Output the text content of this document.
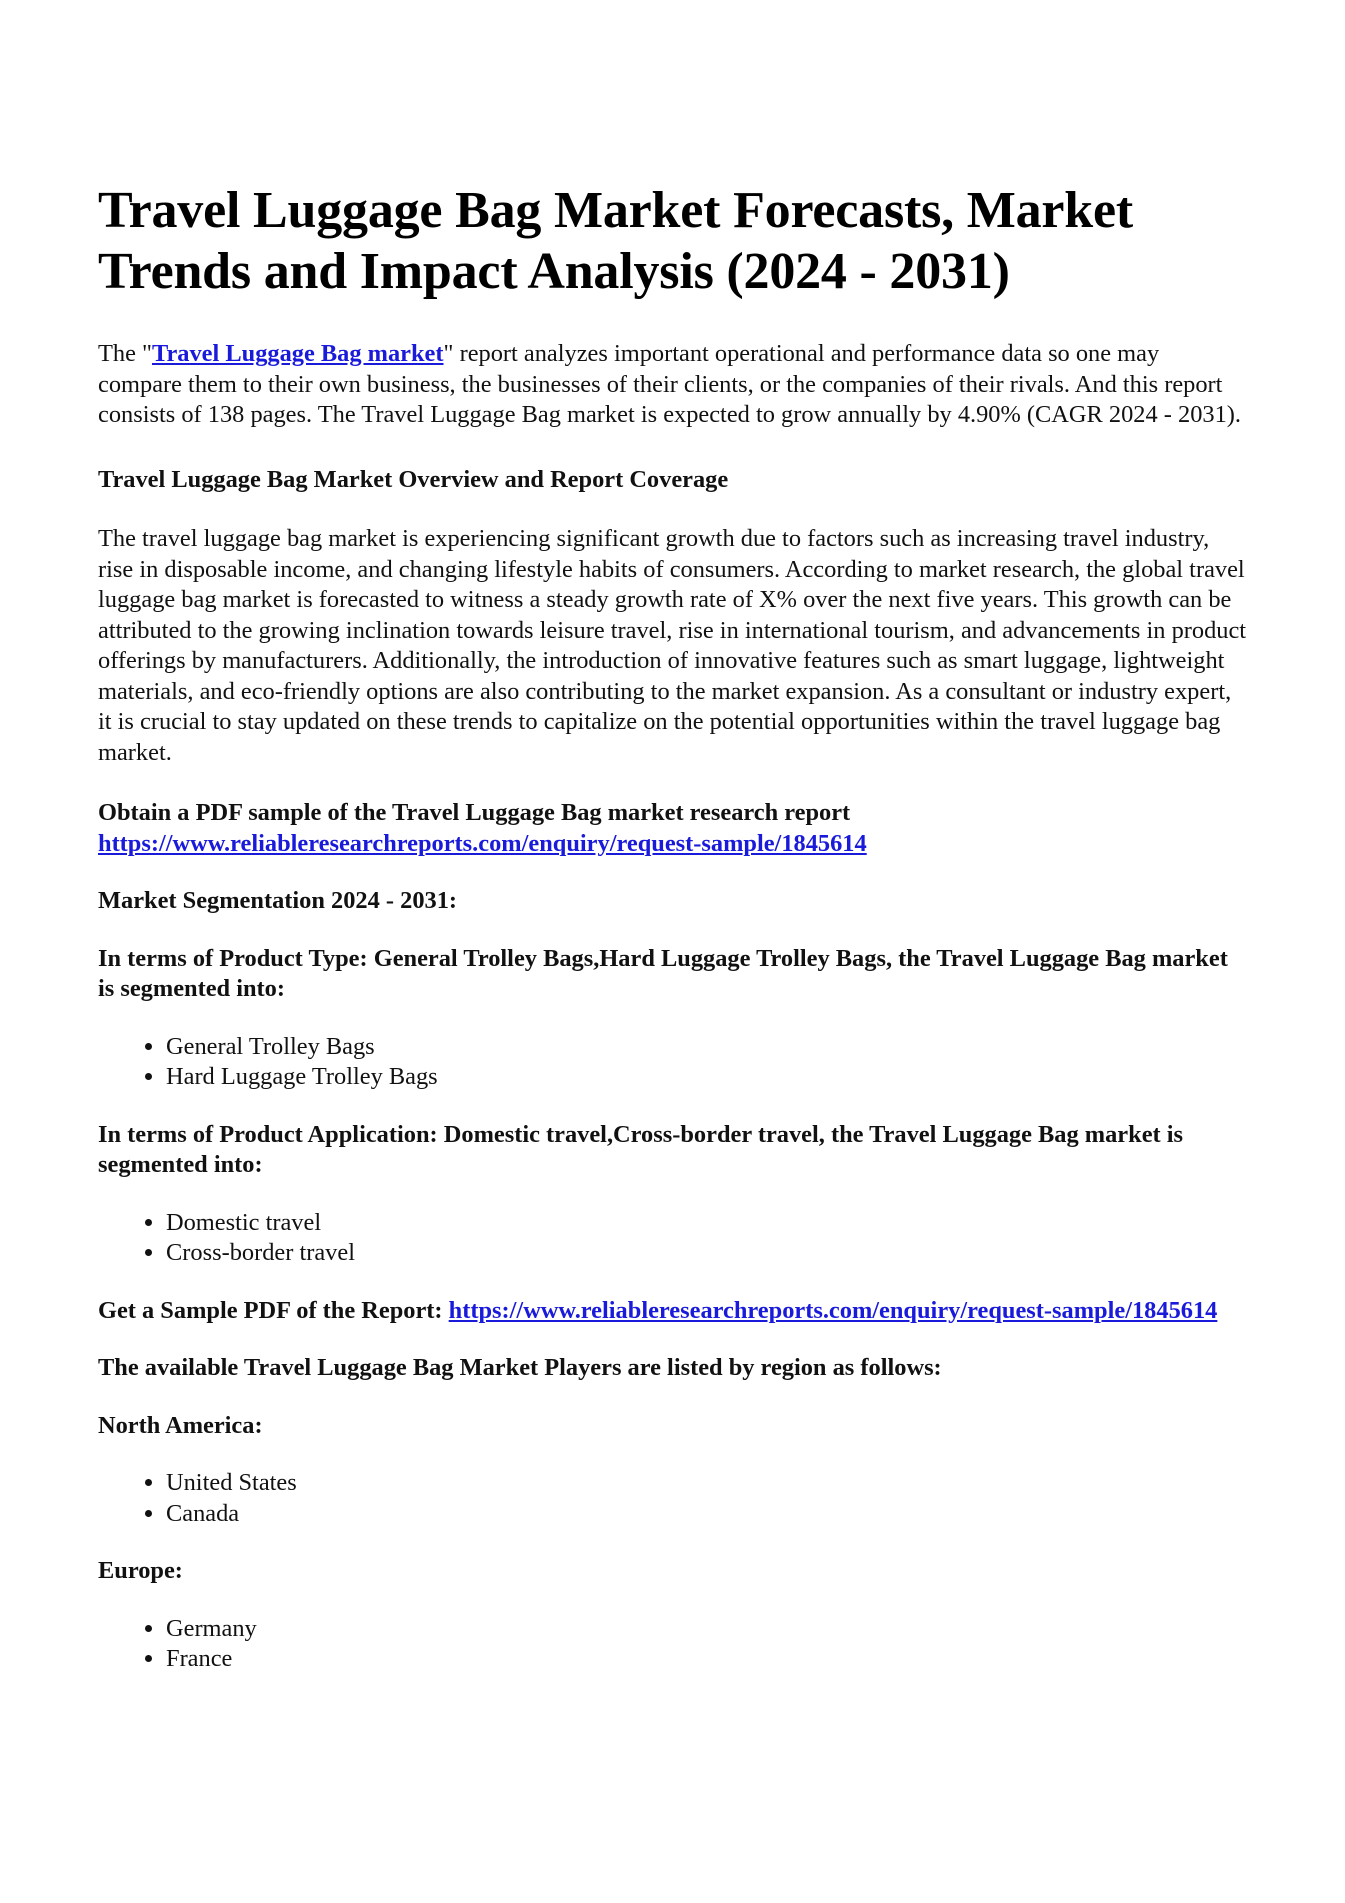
Travel Luggage Bag Market Forecasts, Market Trends and Impact Analysis (2024 - 2031)

The "Travel Luggage Bag market" report analyzes important operational and performance data so one may compare them to their own business, the businesses of their clients, or the companies of their rivals. And this report consists of 138 pages. The Travel Luggage Bag market is expected to grow annually by 4.90% (CAGR 2024 - 2031).

Travel Luggage Bag Market Overview and Report Coverage

The travel luggage bag market is experiencing significant growth due to factors such as increasing travel industry, rise in disposable income, and changing lifestyle habits of consumers. According to market research, the global travel luggage bag market is forecasted to witness a steady growth rate of X% over the next five years. This growth can be attributed to the growing inclination towards leisure travel, rise in international tourism, and advancements in product offerings by manufacturers. Additionally, the introduction of innovative features such as smart luggage, lightweight materials, and eco-friendly options are also contributing to the market expansion. As a consultant or industry expert, it is crucial to stay updated on these trends to capitalize on the potential opportunities within the travel luggage bag market.

Obtain a PDF sample of the Travel Luggage Bag market research report https://www.reliableresearchreports.com/enquiry/request-sample/1845614

Market Segmentation 2024 - 2031:

In terms of Product Type: General Trolley Bags,Hard Luggage Trolley Bags, the Travel Luggage Bag market is segmented into:

• General Trolley Bags
• Hard Luggage Trolley Bags

In terms of Product Application: Domestic travel,Cross-border travel, the Travel Luggage Bag market is segmented into:

• Domestic travel
• Cross-border travel

Get a Sample PDF of the Report: https://www.reliableresearchreports.com/enquiry/request-sample/1845614

The available Travel Luggage Bag Market Players are listed by region as follows:

North America:

• United States
• Canada

Europe:

• Germany
• France
